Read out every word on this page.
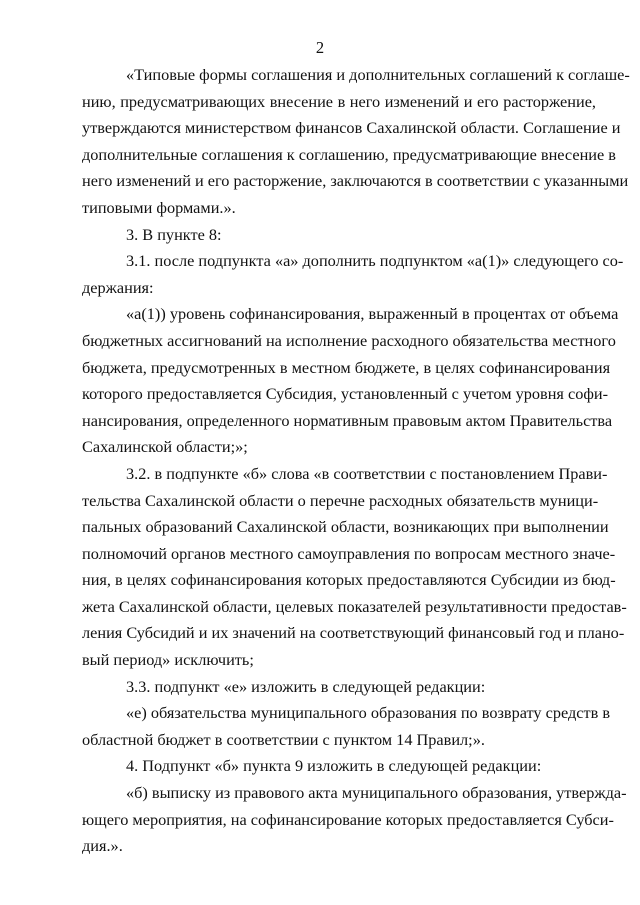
2
«Типовые формы соглашения и дополнительных соглашений к соглаше-
нию, предусматривающих внесение в него изменений и его расторжение,
утверждаются министерством финансов Сахалинской области. Соглашение и
дополнительные соглашения к соглашению, предусматривающие внесение в
него изменений и его расторжение, заключаются в соответствии с указанными
типовыми формами.».
3. В пункте 8:
3.1. после подпункта «а» дополнить подпунктом «а(1)» следующего со-
держания:
«а(1)) уровень софинансирования, выраженный в процентах от объема
бюджетных ассигнований на исполнение расходного обязательства местного
бюджета, предусмотренных в местном бюджете, в целях софинансирования
которого предоставляется Субсидия, установленный с учетом уровня софи-
нансирования, определенного нормативным правовым актом Правительства
Сахалинской области;»;
3.2. в подпункте «б» слова «в соответствии с постановлением Прави-
тельства Сахалинской области о перечне расходных обязательств муници-
пальных образований Сахалинской области, возникающих при выполнении
полномочий органов местного самоуправления по вопросам местного значе-
ния, в целях софинансирования которых предоставляются Субсидии из бюд-
жета Сахалинской области, целевых показателей результативности предостав-
ления Субсидий и их значений на соответствующий финансовый год и плано-
вый период» исключить;
3.3. подпункт «е» изложить в следующей редакции:
«е) обязательства муниципального образования по возврату средств в
областной бюджет в соответствии с пунктом 14 Правил;».
4. Подпункт «б» пункта 9 изложить в следующей редакции:
«б) выписку из правового акта муниципального образования, утвержда-
ющего мероприятия, на софинансирование которых предоставляется Субси-
дия.».
